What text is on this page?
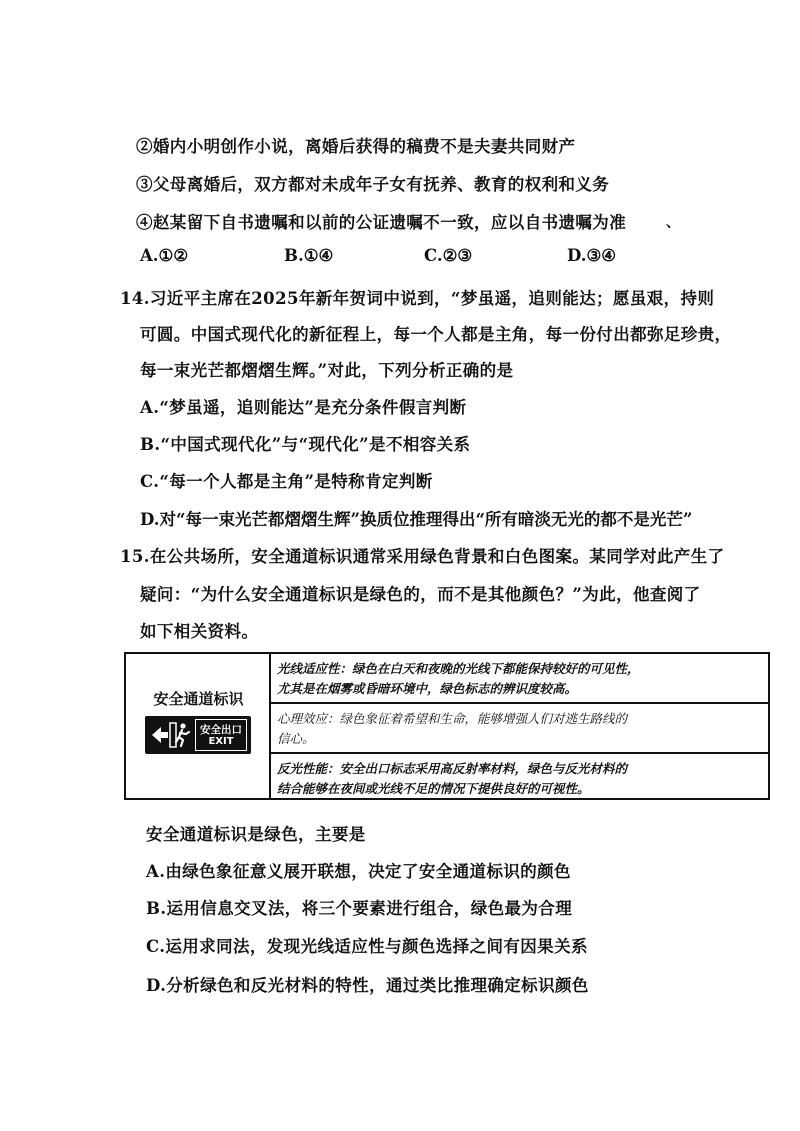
②婚内小明创作小说，离婚后获得的稿费不是夫妻共同财产
③父母离婚后，双方都对未成年子女有抚养、教育的权利和义务
④赵某留下自书遗嘱和以前的公证遗嘱不一致，应以自书遗嘱为准	、
A.①②	B.①④	C.②③	D.③④
14.习近平主席在2025年新年贺词中说到，“梦虽遥，追则能达；愿虽艰，持则
可圆。中国式现代化的新征程上，每一个人都是主角，每一份付出都弥足珍贵，
每一束光芒都熠熠生辉。”对此，下列分析正确的是
A.“梦虽遥，追则能达”是充分条件假言判断
B.“中国式现代化”与“现代化”是不相容关系
C.“每一个人都是主角”是特称肯定判断
D.对“每一束光芒都熠熠生辉”换质位推理得出“所有暗淡无光的都不是光芒”
15.在公共场所，安全通道标识通常采用绿色背景和白色图案。某同学对此产生了
疑问：“为什么安全通道标识是绿色的，而不是其他颜色？”为此，他查阅了
如下相关资料。
安全通道标识
安全出口
EXIT
光线适应性：绿色在白天和夜晚的光线下都能保持较好的可见性，
尤其是在烟雾或昏暗环境中，绿色标志的辨识度较高。
心理效应：绿色象征着希望和生命，能够增强人们对逃生路线的
信心。
反光性能：安全出口标志采用高反射率材料，绿色与反光材料的
结合能够在夜间或光线不足的情况下提供良好的可视性。
安全通道标识是绿色，主要是
A.由绿色象征意义展开联想，决定了安全通道标识的颜色
B.运用信息交叉法，将三个要素进行组合，绿色最为合理
C.运用求同法，发现光线适应性与颜色选择之间有因果关系
D.分析绿色和反光材料的特性，通过类比推理确定标识颜色
